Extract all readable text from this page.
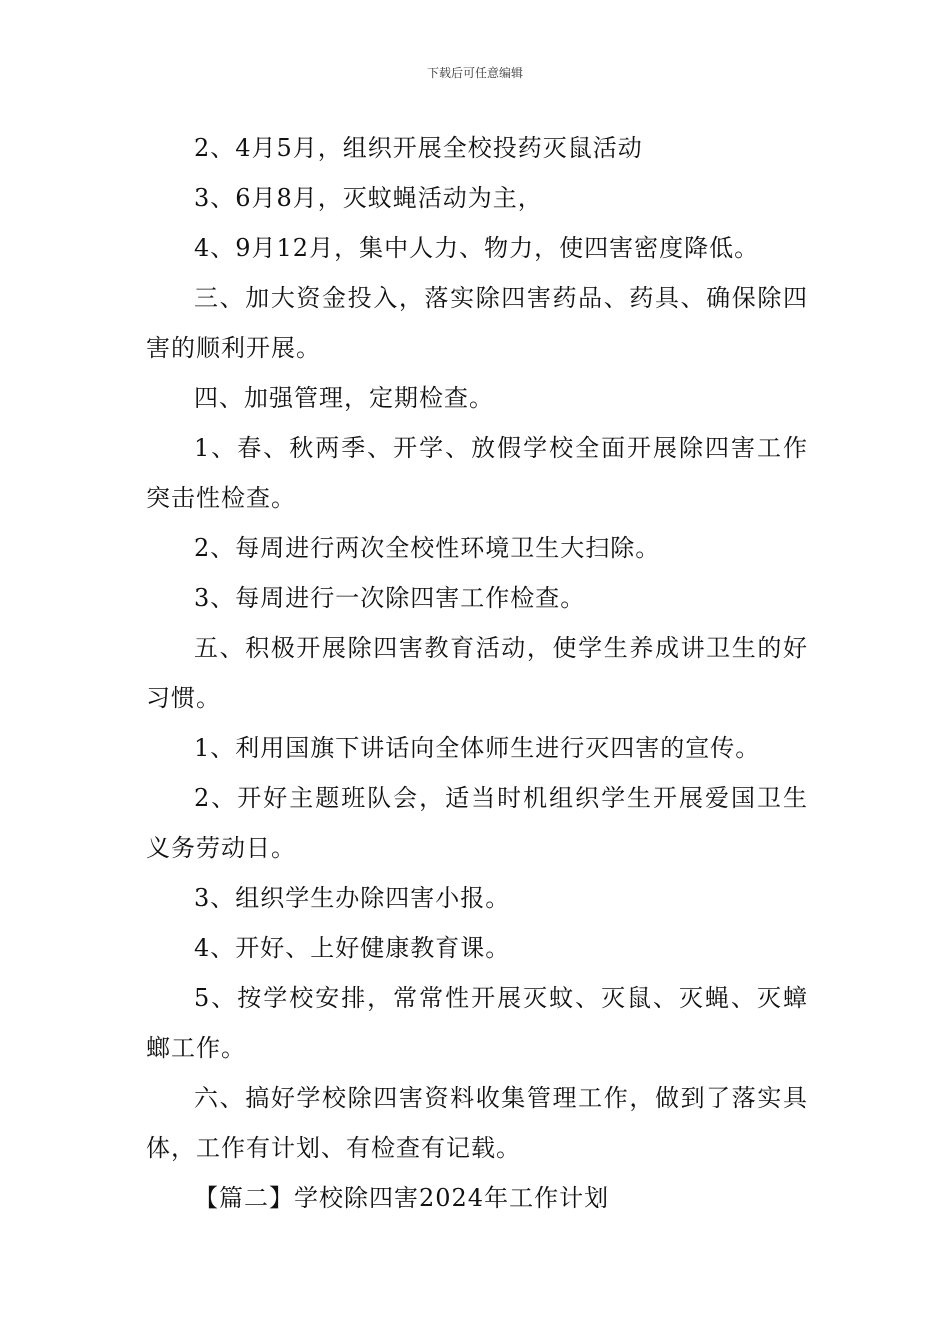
下载后可任意编辑

2、4月5月，组织开展全校投药灭鼠活动

3、6月8月，灭蚊蝇活动为主，

4、9月12月，集中人力、物力，使四害密度降低。

三、加大资金投入，落实除四害药品、药具、确保除四害的顺利开展。

四、加强管理，定期检查。

1、春、秋两季、开学、放假学校全面开展除四害工作突击性检查。

2、每周进行两次全校性环境卫生大扫除。

3、每周进行一次除四害工作检查。

五、积极开展除四害教育活动，使学生养成讲卫生的好习惯。

1、利用国旗下讲话向全体师生进行灭四害的宣传。

2、开好主题班队会，适当时机组织学生开展爱国卫生义务劳动日。

3、组织学生办除四害小报。

4、开好、上好健康教育课。

5、按学校安排，常常性开展灭蚊、灭鼠、灭蝇、灭蟑螂工作。

六、搞好学校除四害资料收集管理工作，做到了落实具体，工作有计划、有检查有记载。

【篇二】学校除四害2024年工作计划
